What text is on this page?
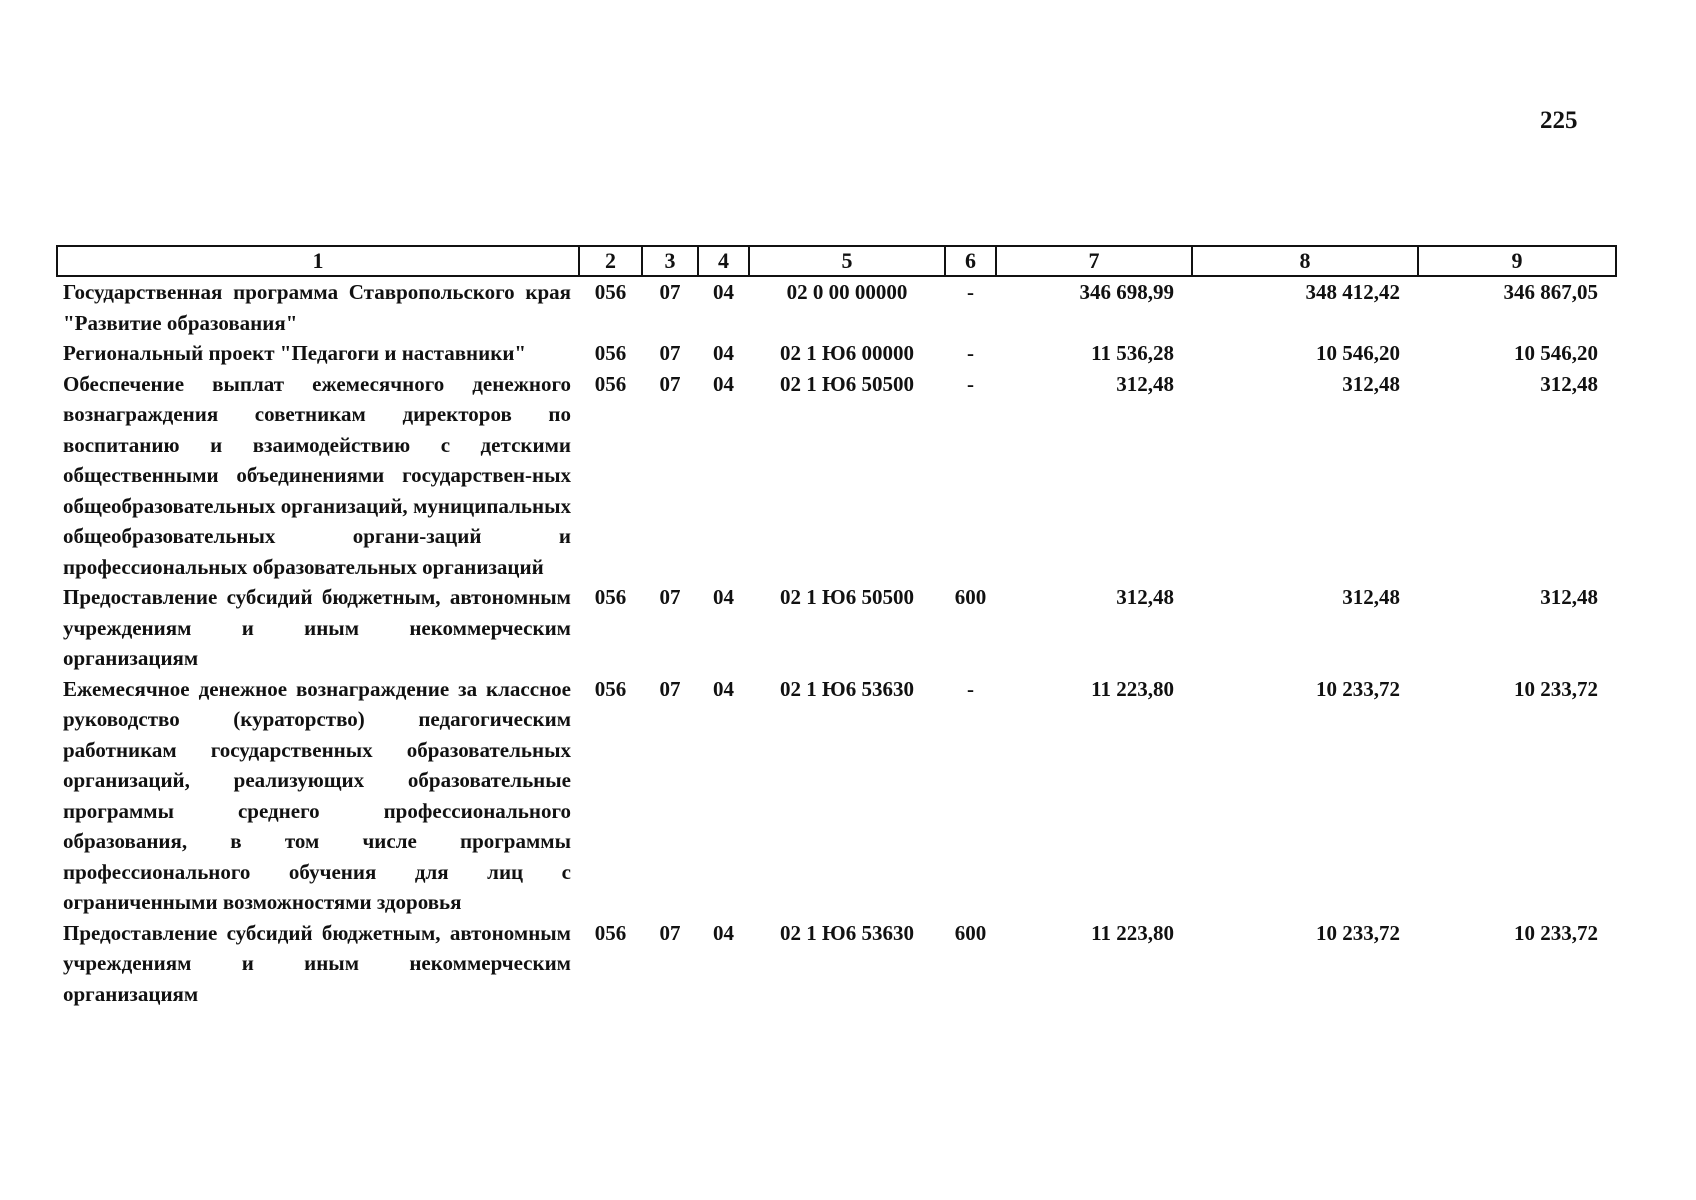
225
1	2	3	4	5	6	7	8	9
Государственная программа Ставропольского края "Развитие образования"	056	07	04	02 0 00 00000	-	346 698,99	348 412,42	346 867,05
Региональный проект "Педагоги и наставники"	056	07	04	02 1 Ю6 00000	-	11 536,28	10 546,20	10 546,20
Обеспечение выплат ежемесячного денежного вознаграждения советникам директоров по воспитанию и взаимодействию с детскими общественными объединениями государствен-ных общеобразовательных организаций, муниципальных общеобразовательных органи-заций и профессиональных образовательных организаций	056	07	04	02 1 Ю6 50500	-	312,48	312,48	312,48
Предоставление субсидий бюджетным, автономным учреждениям и иным некоммерческим организациям	056	07	04	02 1 Ю6 50500	600	312,48	312,48	312,48
Ежемесячное денежное вознаграждение за классное руководство (кураторство) педагогическим работникам государственных образовательных организаций, реализующих образовательные программы среднего профессионального образования, в том числе программы профессионального обучения для лиц с ограниченными возможностями здоровья	056	07	04	02 1 Ю6 53630	-	11 223,80	10 233,72	10 233,72
Предоставление субсидий бюджетным, автономным учреждениям и иным некоммерческим организациям	056	07	04	02 1 Ю6 53630	600	11 223,80	10 233,72	10 233,72
